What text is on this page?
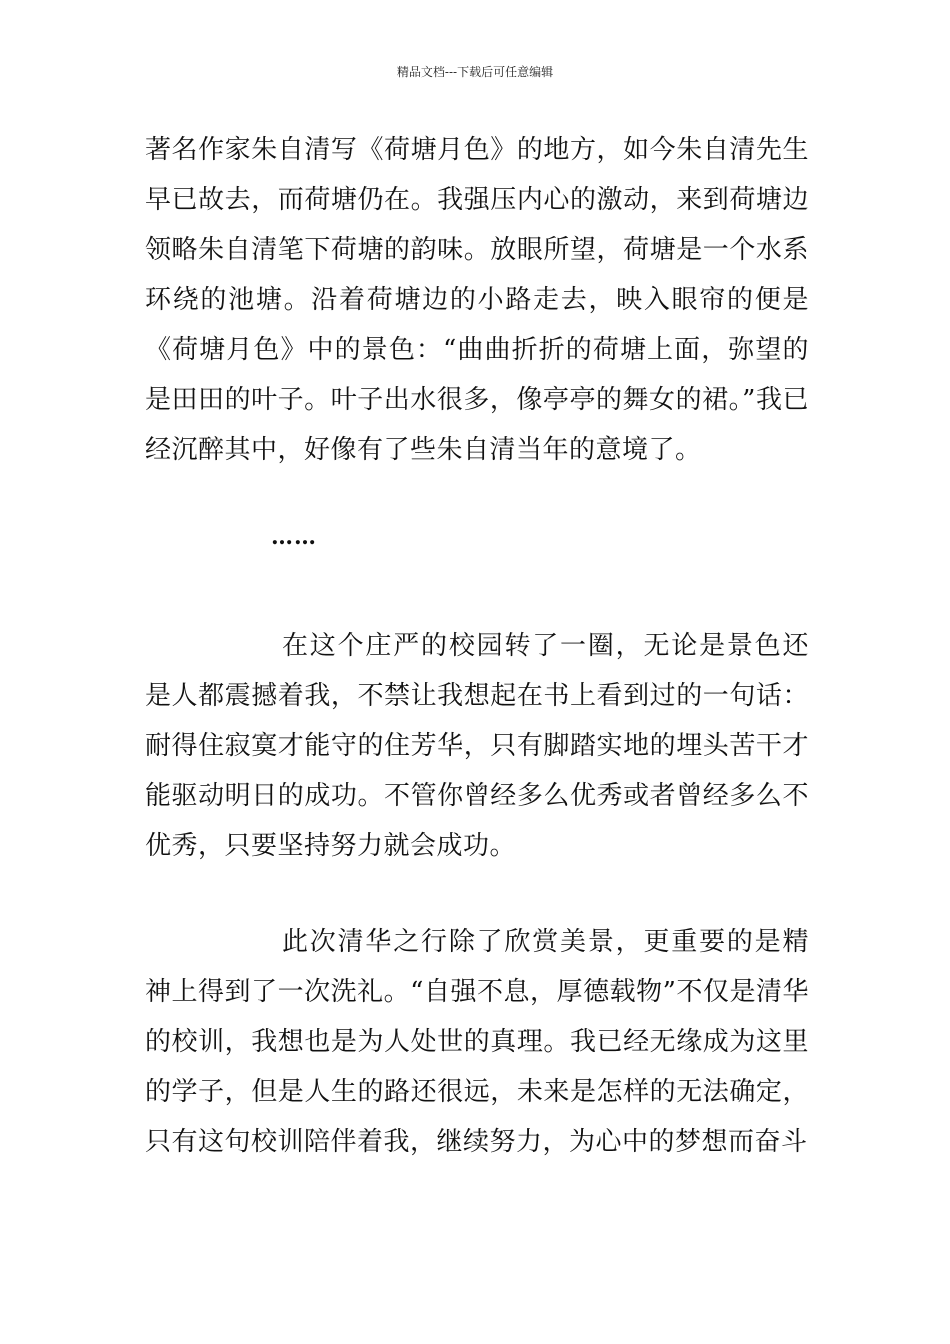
精品文档---下载后可任意编辑

著名作家朱自清写《荷塘月色》的地方，如今朱自清先生早已故去，而荷塘仍在。我强压内心的激动，来到荷塘边领略朱自清笔下荷塘的韵味。放眼所望，荷塘是一个水系环绕的池塘。沿着荷塘边的小路走去，映入眼帘的便是《荷塘月色》中的景色：“曲曲折折的荷塘上面，弥望的是田田的叶子。叶子出水很多，像亭亭的舞女的裙。”我已经沉醉其中，好像有了些朱自清当年的意境了。

……

在这个庄严的校园转了一圈，无论是景色还是人都震撼着我，不禁让我想起在书上看到过的一句话：耐得住寂寞才能守的住芳华，只有脚踏实地的埋头苦干才能驱动明日的成功。不管你曾经多么优秀或者曾经多么不优秀，只要坚持努力就会成功。

此次清华之行除了欣赏美景，更重要的是精神上得到了一次洗礼。“自强不息，厚德载物”不仅是清华的校训，我想也是为人处世的真理。我已经无缘成为这里的学子，但是人生的路还很远，未来是怎样的无法确定，只有这句校训陪伴着我，继续努力，为心中的梦想而奋斗
